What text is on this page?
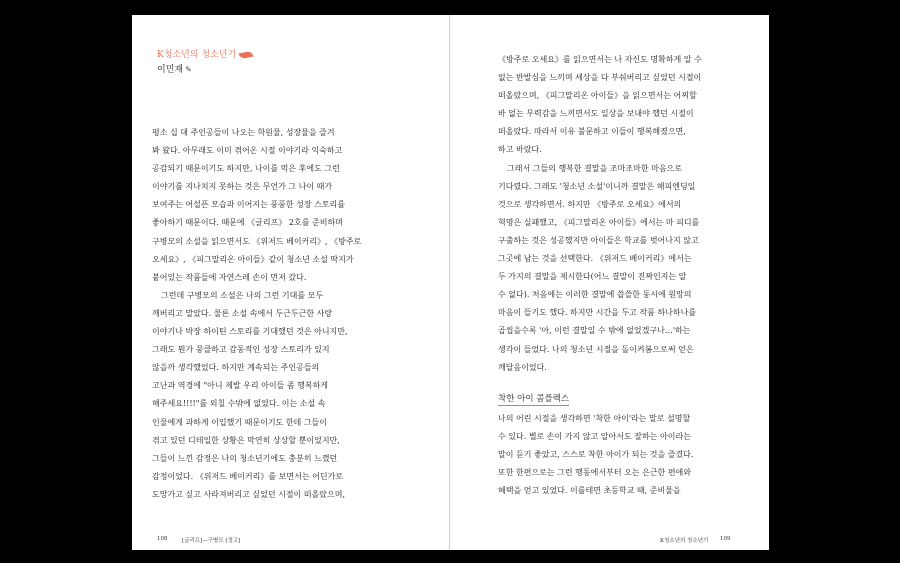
K청소년의 청소년기
이민재 ✎

평소 십 대 주인공들이 나오는 학원물, 성장물을 즐겨

봐 왔다. 아무래도 이미 겪어온 시절 이야기라 익숙하고

공감되기 때문이기도 하지만, 나이를 먹은 후에도 그런

이야기를 지나치지 못하는 것은 무언가 그 나이 때가

보여주는 어설픈 모습과 이어지는 풍풍한 성장 스토리를

좋아하기 때문이다. 때문에 《글리프》 2호를 준비하며

구병모의 소설을 읽으면서도 《위저드 베이커리》, 《방주로

오세요》, 《피그말리온 아이들》같이 청소년 소설 딱지가

붙어있는 작품들에 자연스레 손이 먼저 갔다.

그런데 구병모의 소설은 나의 그런 기대를 모두

깨버리고 말았다. 물론 소설 속에서 두근두근한 사랑

이야기나 박장 하이틴 스토리를 기대했던 것은 아니지만,

그래도 뭔가 뭉클하고 감동적인 성장 스토리가 있지

않을까 생각했었다. 하지만 계속되는 주인공들의

고난과 역경에 "아니 제발 우리 아이들 좀 행복하게

해주세요!!!!"를 외칠 수밖에 없었다. 이는 소설 속

인물에게 과하게 이입했기 때문이기도 한데 그들이

겪고 있던 디테일한 상황은 막연히 상상할 뿐이었지만,

그들이 느낀 감정은 나의 청소년기에도 충분히 느꼈던

감정이었다. 《위저드 베이커리》를 보면서는 어딘가로

도망가고 싶고 사라져버리고 싶었던 시절이 떠올랐으며,

108	[글리프]—구병모 [정고]

《방주로 오세요》를 읽으면서는 나 자신도 명확하게 알 수

없는 반발심을 느끼며 세상을 다 부숴버리고 싶었던 시절이

떠올랐으며, 《피그말리온 아이들》을 읽으면서는 어찌할

바 없는 무력감을 느끼면서도 일상을 보내야 했던 시절이

떠올랐다. 따라서 이유 불문하고 이들이 행복해졌으면,

하고 바랐다.

그래서 그들의 행복한 결말을 조마조마한 마음으로

기다렸다. 그래도 '청소년 소설'이니까 결말은 해피엔딩일

것으로 생각하면서. 하지만 《방주로 오세요》에서의

혁명은 실패했고, 《피그말리온 아이들》에서는 마 피디를

구출하는 것은 성공했지만 아이들은 학교를 벗어나지 않고

그곳에 남는 것을 선택한다. 《위저드 베이커리》에서는

두 가지의 결말을 제시한다(어느 결말이 진짜인지는 알

수 없다). 처음에는 이러한 결말에 씁쓸한 동시에 원망의

마음이 들기도 했다. 하지만 시간을 두고 작품 하나하나를

곱씹을수록 '아, 이런 결말일 수 밖에 없었겠구나…'하는

생각이 들었다. 나의 청소년 시절을 돌이켜봄으로써 얻은

깨달음이었다.

착한 아이 콤플렉스

나의 어린 시절을 생각하면 '착한 아이'라는 말로 설명할

수 있다. 별로 손이 가지 않고 알아서도 잘하는 아이라는

말이 듣기 좋았고, 스스로 착한 아이가 되는 것을 즐겼다.

또한 한편으로는 그런 행동에서부터 오는 은근한 편애와

혜택을 얻고 있었다. 이를테면 초등학교 때, 준비물을

K청소년의 청소년기 109
